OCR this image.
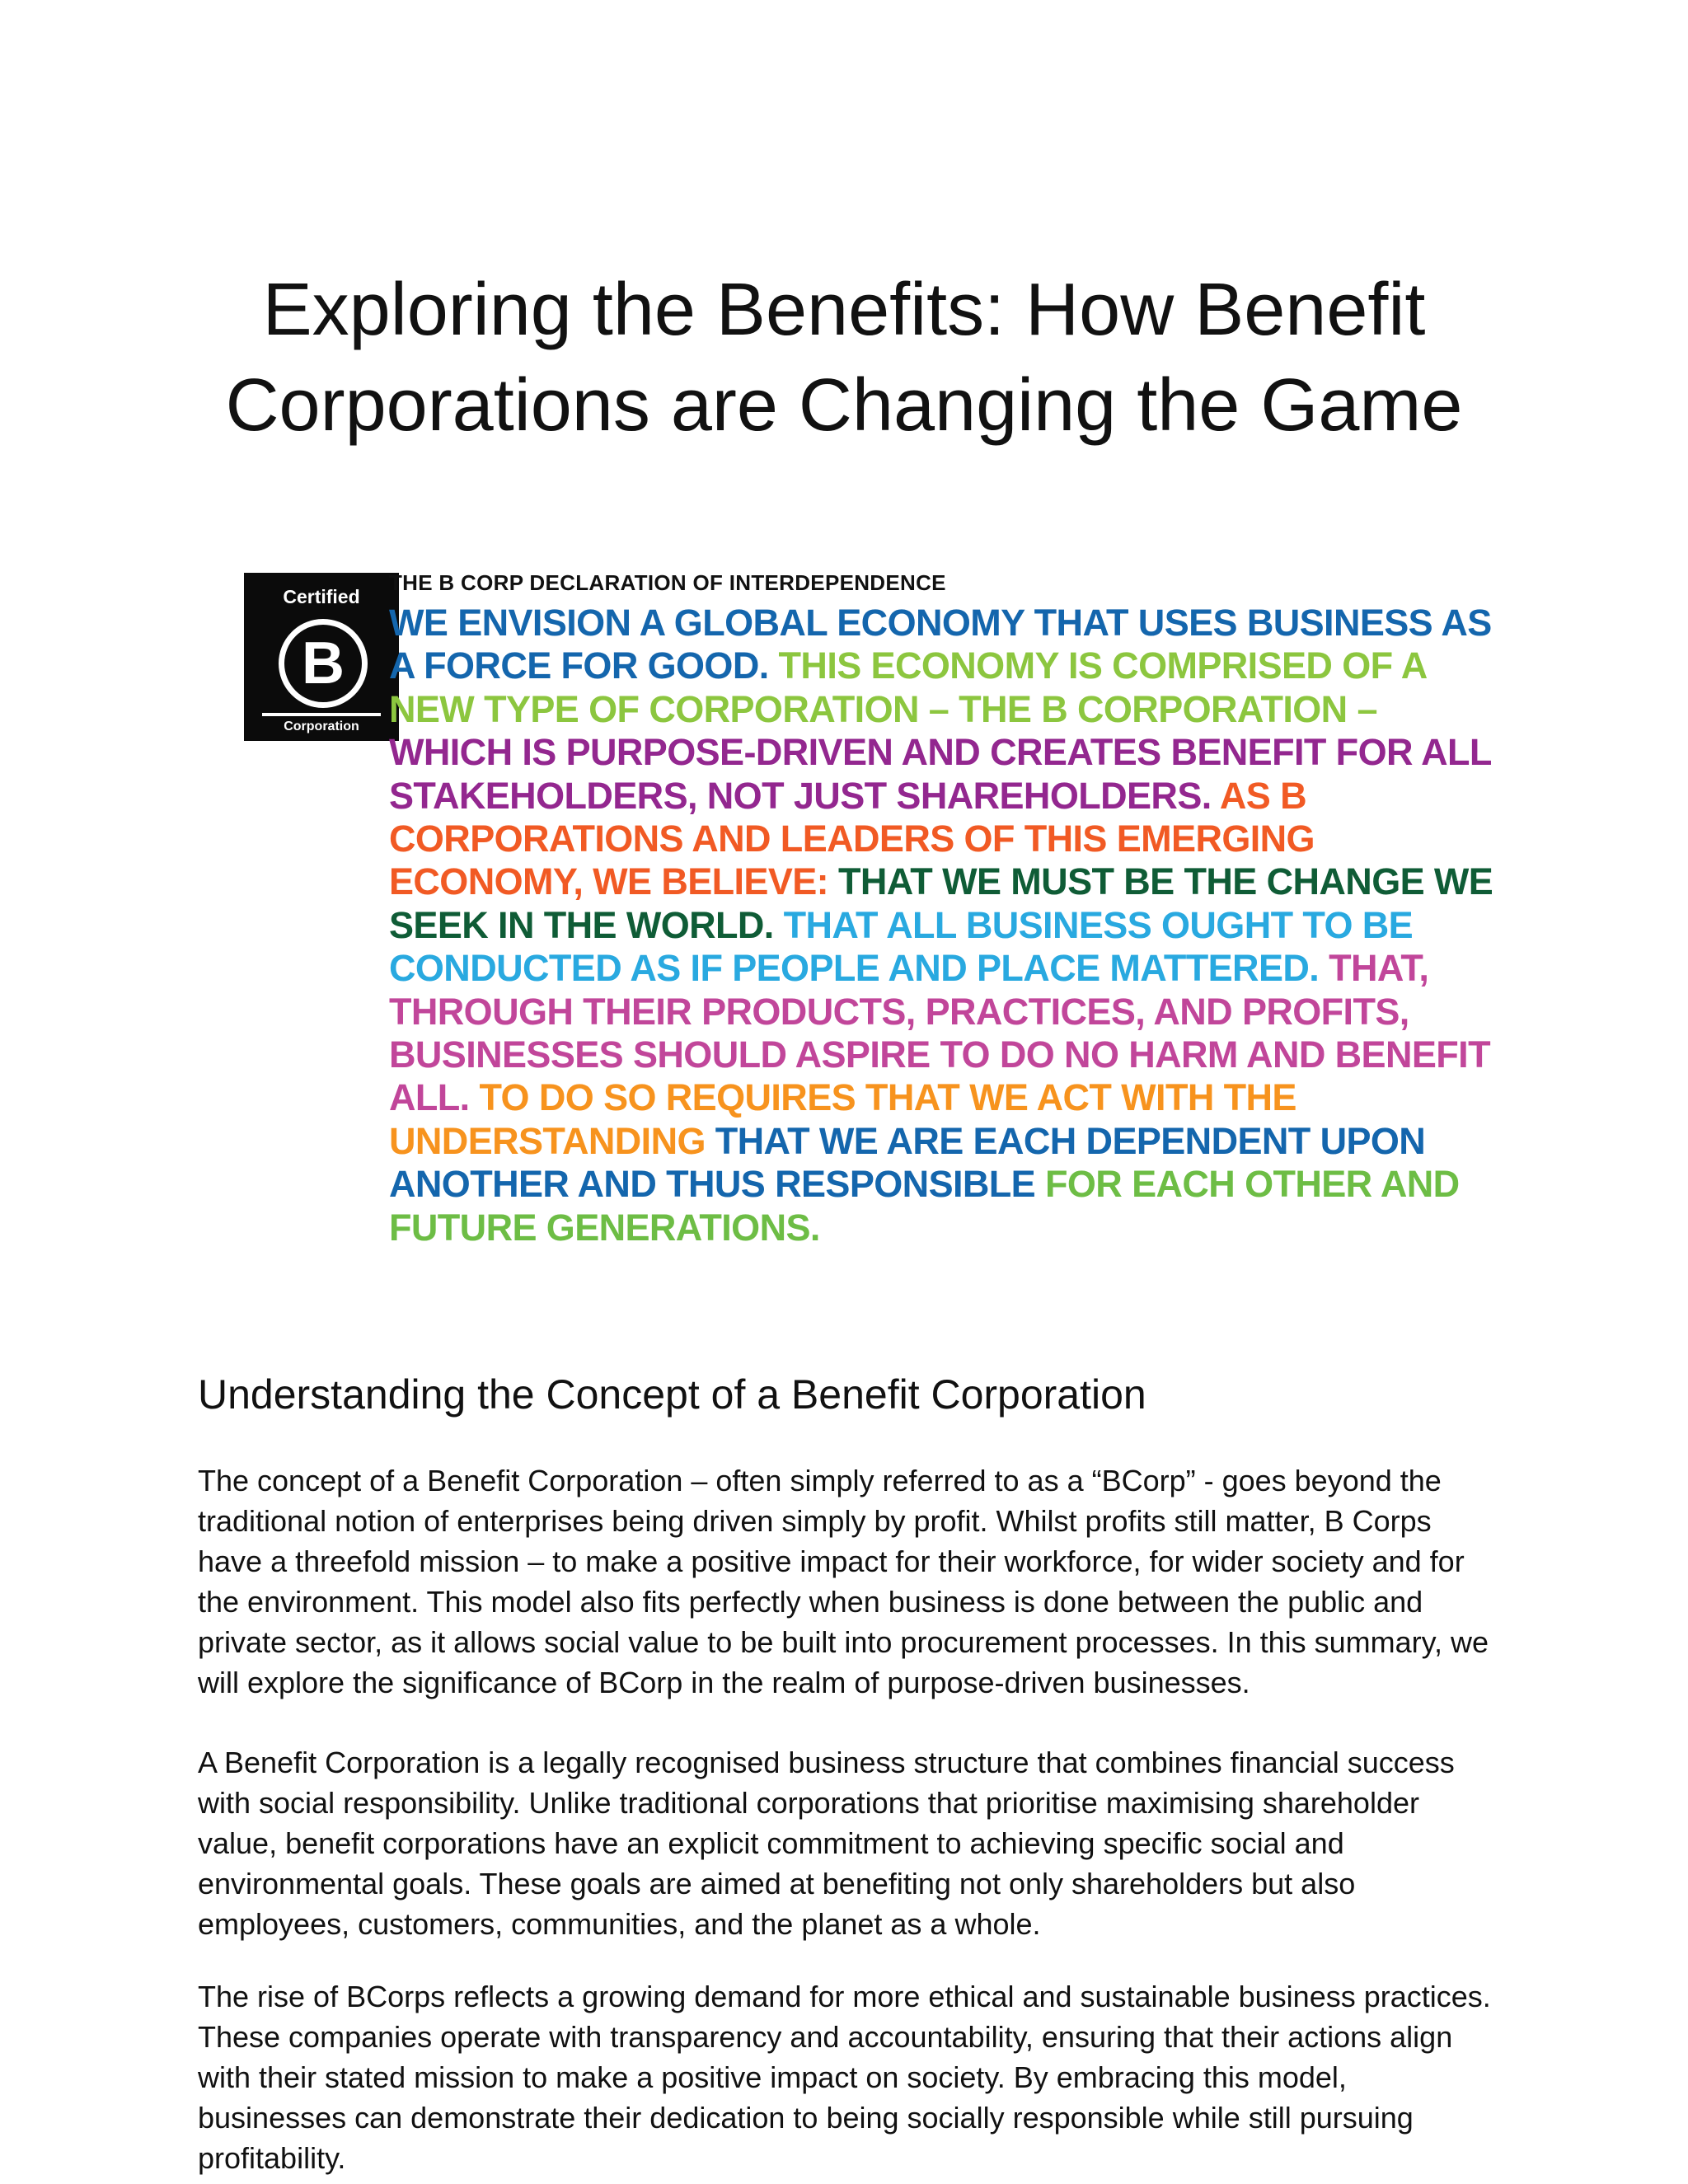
Exploring the Benefits: How Benefit Corporations are Changing the Game
Certified
B
Corporation
THE B CORP DECLARATION OF INTERDEPENDENCE
WE ENVISION A GLOBAL ECONOMY THAT USES BUSINESS AS A FORCE FOR GOOD. THIS ECONOMY IS COMPRISED OF A NEW TYPE OF CORPORATION – THE B CORPORATION – WHICH IS PURPOSE-DRIVEN AND CREATES BENEFIT FOR ALL STAKEHOLDERS, NOT JUST SHAREHOLDERS. AS B CORPORATIONS AND LEADERS OF THIS EMERGING ECONOMY, WE BELIEVE: THAT WE MUST BE THE CHANGE WE SEEK IN THE WORLD. THAT ALL BUSINESS OUGHT TO BE CONDUCTED AS IF PEOPLE AND PLACE MATTERED. THAT, THROUGH THEIR PRODUCTS, PRACTICES, AND PROFITS, BUSINESSES SHOULD ASPIRE TO DO NO HARM AND BENEFIT ALL. TO DO SO REQUIRES THAT WE ACT WITH THE UNDERSTANDING THAT WE ARE EACH DEPENDENT UPON ANOTHER AND THUS RESPONSIBLE FOR EACH OTHER AND FUTURE GENERATIONS.
Understanding the Concept of a Benefit Corporation

The concept of a Benefit Corporation – often simply referred to as a “BCorp” - goes beyond the traditional notion of enterprises being driven simply by profit. Whilst profits still matter, B Corps have a threefold mission – to make a positive impact for their workforce, for wider society and for the environment. This model also fits perfectly when business is done between the public and private sector, as it allows social value to be built into procurement processes. In this summary, we will explore the significance of BCorp in the realm of purpose-driven businesses.

A Benefit Corporation is a legally recognised business structure that combines financial success with social responsibility. Unlike traditional corporations that prioritise maximising shareholder value, benefit corporations have an explicit commitment to achieving specific social and environmental goals. These goals are aimed at benefiting not only shareholders but also employees, customers, communities, and the planet as a whole.

The rise of BCorps reflects a growing demand for more ethical and sustainable business practices. These companies operate with transparency and accountability, ensuring that their actions align with their stated mission to make a positive impact on society. By embracing this model, businesses can demonstrate their dedication to being socially responsible while still pursuing profitability.
